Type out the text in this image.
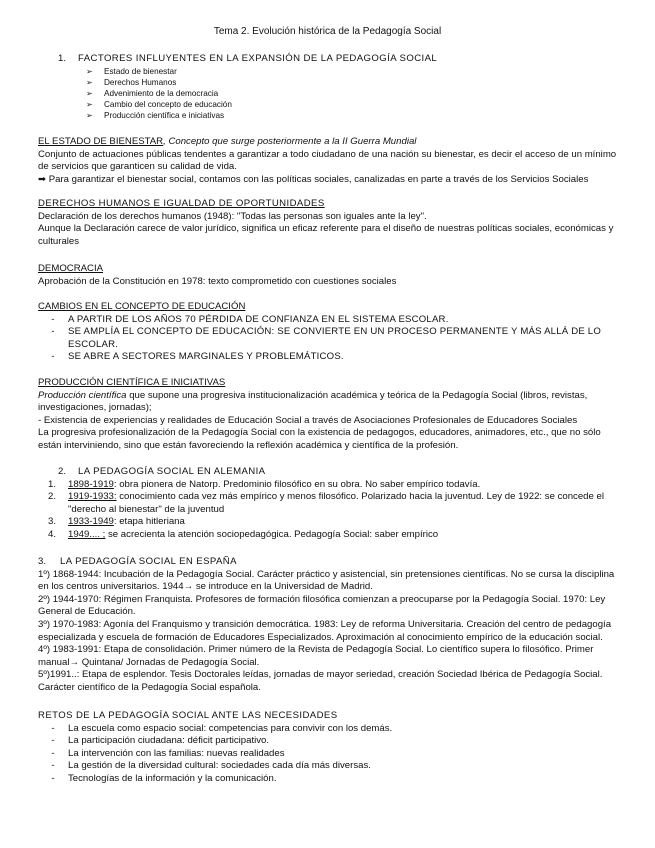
Tema 2. Evolución histórica de la Pedagogía Social
1.	FACTORES INFLUYENTES EN LA EXPANSIÓN DE LA PEDAGOGÍA SOCIAL
➢	Estado de bienestar
➢	Derechos Humanos
➢	Advenimiento de la democracia
➢	Cambio del concepto de educación
➢	Producción científica e iniciativas

EL ESTADO DE BIENESTAR, Concepto que surge posteriormente a la II Guerra Mundial

Conjunto de actuaciones públicas tendentes a garantizar a todo ciudadano de una nación su bienestar, es decir el acceso de un mínimo de servicios que garanticen su calidad de vida.

➡ Para garantizar el bienestar social, contamos con las políticas sociales, canalizadas en parte a través de los Servicios Sociales

DERECHOS HUMANOS E IGUALDAD DE OPORTUNIDADES

Declaración de los derechos humanos (1948): "Todas las personas son iguales ante la ley".

Aunque la Declaración carece de valor jurídico, significa un eficaz referente para el diseño de nuestras políticas sociales, económicas y culturales

DEMOCRACIA

Aprobación de la Constitución en 1978: texto comprometido con cuestiones sociales

CAMBIOS EN EL CONCEPTO DE EDUCACIÓN

-	A PARTIR DE LOS AÑOS 70 PÉRDIDA DE CONFIANZA EN EL SISTEMA ESCOLAR.
-	SE AMPLÍA EL CONCEPTO DE EDUCACIÓN: SE CONVIERTE EN UN PROCESO PERMANENTE Y MÁS ALLÁ DE LO ESCOLAR.
-	SE ABRE A SECTORES MARGINALES Y PROBLEMÁTICOS.

PRODUCCIÓN CIENTÍFICA E INICIATIVAS

Producción científica que supone una progresiva institucionalización académica y teórica de la Pedagogía Social (libros, revistas, investigaciones, jornadas);

- Existencia de experiencias y realidades de Educación Social a través de Asociaciones Profesionales de Educadores Sociales

La progresiva profesionalización de la Pedagogía Social con la existencia de pedagogos, educadores, animadores, etc., que no sólo están interviniendo, sino que están favoreciendo la reflexión académica y científica de la profesión.

2.	LA PEDAGOGÍA SOCIAL EN ALEMANIA
1.	1898-1919: obra pionera de Natorp. Predominio filosófico en su obra. No saber empírico todavía.
2.	1919-1933: conocimiento cada vez más empírico y menos filosófico. Polarizado hacia la juventud. Ley de 1922: se concede el "derecho al bienestar" de la juventud
3.	1933-1949: etapa hitleriana
4.	1949.... ; se acrecienta la atención sociopedagógica. Pedagogía Social: saber empírico
3.	LA PEDAGOGÍA SOCIAL EN ESPAÑA

1º) 1868-1944: Incubación de la Pedagogía Social. Carácter práctico y asistencial, sin pretensiones científicas. No se cursa la disciplina en los centros universitarios. 1944→ se introduce en la Universidad de Madrid.

2º) 1944-1970: Régimen Franquista. Profesores de formación filosófica comienzan a preocuparse por la Pedagogía Social. 1970: Ley General de Educación.

3º) 1970-1983: Agonía del Franquismo y transición democrática. 1983: Ley de reforma Universitaria. Creación del centro de pedagogía especializada y escuela de formación de Educadores Especializados. Aproximación al conocimiento empírico de la educación social.

4º) 1983-1991: Etapa de consolidación. Primer número de la Revista de Pedagogía Social. Lo científico supera lo filosófico. Primer manual→ Quintana/ Jornadas de Pedagogía Social.

5º)1991..: Etapa de esplendor. Tesis Doctorales leídas, jornadas de mayor seriedad, creación Sociedad Ibérica de Pedagogía Social. Carácter científico de la Pedagogía Social española.

RETOS DE LA PEDAGOGÍA SOCIAL ANTE LAS NECESIDADES

-	La escuela como espacio social: competencias para convivir con los demás.
-	La participación ciudadana: déficit participativo.
-	La intervención con las familias: nuevas realidades
-	La gestión de la diversidad cultural: sociedades cada día más diversas.
-	Tecnologías de la información y la comunicación.
